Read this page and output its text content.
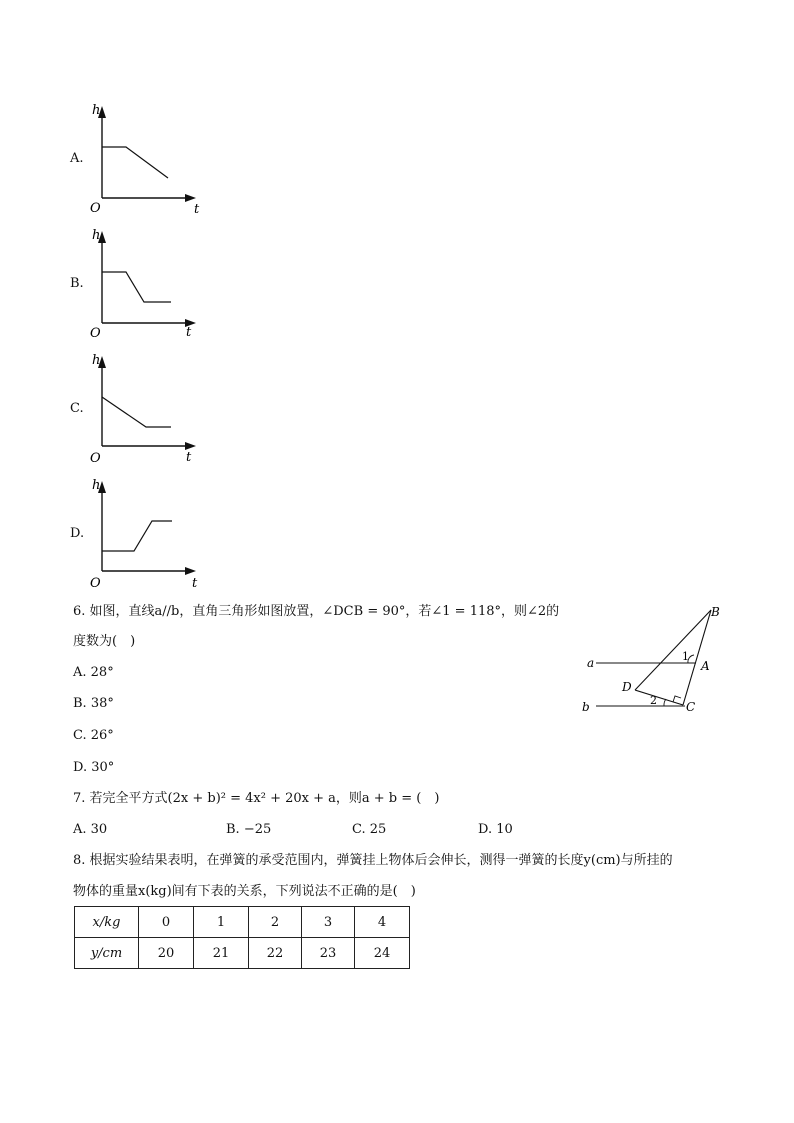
A.
h
O	t
B.
h
O	t
C.
h
O	t
D.
h
O	t
6. 如图，直线a//b，直角三角形如图放置，∠DCB = 90°，若∠1 = 118°，则∠2的
度数为(　)
A. 28°
B. 38°
C. 26°
D. 30°
B
a	1
A
D
b	2 C
7. 若完全平方式(2x + b)² = 4x² + 20x + a，则a + b = (　)
A. 30	B. −25	C. 25	D. 10
8. 根据实验结果表明，在弹簧的承受范围内，弹簧挂上物体后会伸长，测得一弹簧的长度y(cm)与所挂的
物体的重量x(kg)间有下表的关系，下列说法不正确的是(　)
x/kg	0	1	2	3	4
y/cm	20	21	22	23	24
